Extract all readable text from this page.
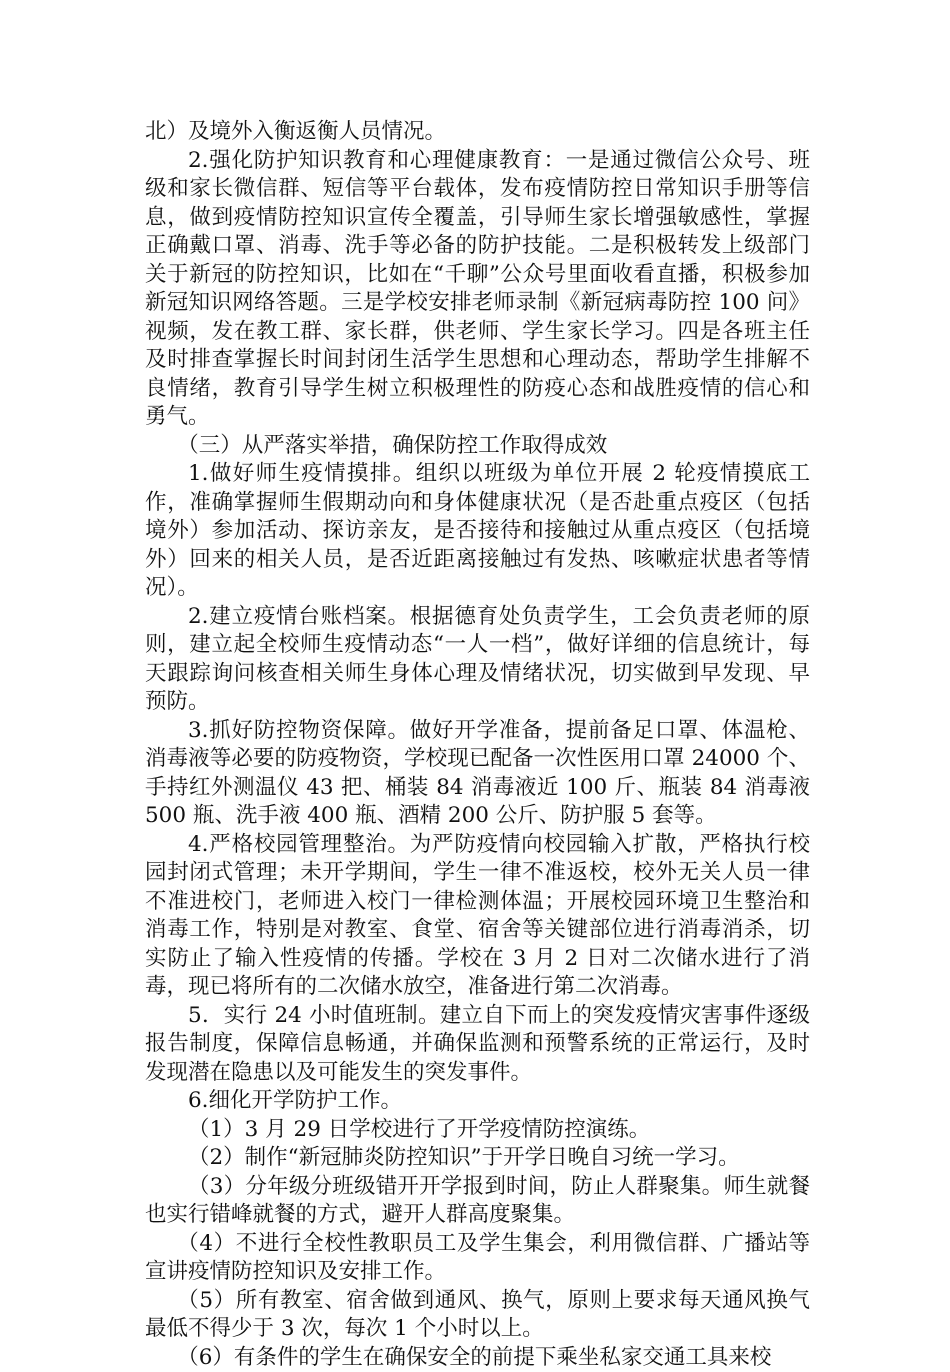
北）及境外入衡返衡人员情况。

2.强化防护知识教育和心理健康教育：一是通过微信公众号、班级和家长微信群、短信等平台载体，发布疫情防控日常知识手册等信息，做到疫情防控知识宣传全覆盖，引导师生家长增强敏感性，掌握正确戴口罩、消毒、洗手等必备的防护技能。二是积极转发上级部门关于新冠的防控知识，比如在“千聊”公众号里面收看直播，积极参加新冠知识网络答题。三是学校安排老师录制《新冠病毒防控 100 问》视频，发在教工群、家长群，供老师、学生家长学习。四是各班主任及时排查掌握长时间封闭生活学生思想和心理动态，帮助学生排解不良情绪，教育引导学生树立积极理性的防疫心态和战胜疫情的信心和勇气。

（三）从严落实举措，确保防控工作取得成效

1.做好师生疫情摸排。组织以班级为单位开展 2 轮疫情摸底工作，准确掌握师生假期动向和身体健康状况（是否赴重点疫区（包括境外）参加活动、探访亲友，是否接待和接触过从重点疫区（包括境外）回来的相关人员，是否近距离接触过有发热、咳嗽症状患者等情况）。

2.建立疫情台账档案。根据德育处负责学生，工会负责老师的原则，建立起全校师生疫情动态“一人一档”，做好详细的信息统计，每天跟踪询问核查相关师生身体心理及情绪状况，切实做到早发现、早预防。

3.抓好防控物资保障。做好开学准备，提前备足口罩、体温枪、消毒液等必要的防疫物资，学校现已配备一次性医用口罩 24000 个、手持红外测温仪 43 把、桶装 84 消毒液近 100 斤、瓶装 84 消毒液 500 瓶、洗手液 400 瓶、酒精 200 公斤、防护服 5 套等。

4.严格校园管理整治。为严防疫情向校园输入扩散，严格执行校园封闭式管理；未开学期间，学生一律不准返校，校外无关人员一律不准进校门，老师进入校门一律检测体温；开展校园环境卫生整治和消毒工作，特别是对教室、食堂、宿舍等关键部位进行消毒消杀，切实防止了输入性疫情的传播。学校在 3 月 2 日对二次储水进行了消毒，现已将所有的二次储水放空，准备进行第二次消毒。

5．实行 24 小时值班制。建立自下而上的突发疫情灾害事件逐级报告制度，保障信息畅通，并确保监测和预警系统的正常运行，及时发现潜在隐患以及可能发生的突发事件。

6.细化开学防护工作。

（1）3 月 29 日学校进行了开学疫情防控演练。

（2）制作“新冠肺炎防控知识”于开学日晚自习统一学习。

（3）分年级分班级错开开学报到时间，防止人群聚集。师生就餐也实行错峰就餐的方式，避开人群高度聚集。

（4）不进行全校性教职员工及学生集会，利用微信群、广播站等宣讲疫情防控知识及安排工作。

（5）所有教室、宿舍做到通风、换气，原则上要求每天通风换气最低不得少于 3 次，每次 1 个小时以上。

（6）有条件的学生在确保安全的前提下乘坐私家交通工具来校
